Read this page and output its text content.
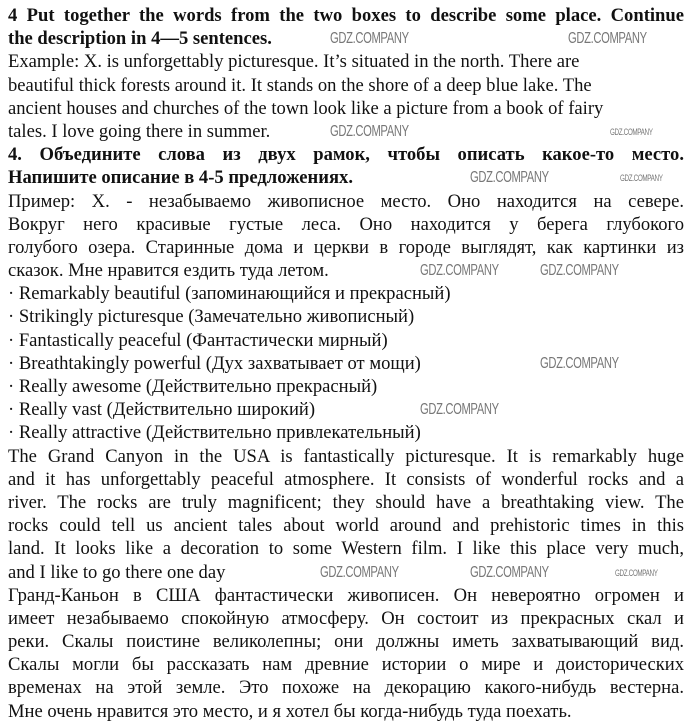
4 Put together the words from the two boxes to describe some place. Continue
the description in 4—5 sentences.
Example: X. is unforgettably picturesque. It’s situated in the north. There are
beautiful thick forests around it. It stands on the shore of a deep blue lake. The
ancient houses and churches of the town look like a picture from a book of fairy
tales. I love going there in summer.
4. Объедините слова из двух рамок, чтобы описать какое-то место.
Напишите описание в 4-5 предложениях.
Пример: X. - незабываемо живописное место. Оно находится на севере.
Вокруг него красивые густые леса. Оно находится у берега глубокого
голубого озера. Старинные дома и церкви в городе выглядят, как картинки из
сказок. Мне нравится ездить туда летом.
· Remarkably beautiful (запоминающийся и прекрасный)
· Strikingly picturesque (Замечательно живописный)
· Fantastically peaceful (Фантастически мирный)
· Breathtakingly powerful (Дух захватывает от мощи)
· Really awesome (Действительно прекрасный)
· Really vast (Действительно широкий)
· Really attractive (Действительно привлекательный)
The Grand Canyon in the USA is fantastically picturesque. It is remarkably huge
and it has unforgettably peaceful atmosphere. It consists of wonderful rocks and a
river. The rocks are truly magnificent; they should have a breathtaking view. The
rocks could tell us ancient tales about world around and prehistoric times in this
land. It looks like a decoration to some Western film. I like this place very much,
and I like to go there one day
Гранд-Каньон в США фантастически живописен. Он невероятно огромен и
имеет незабываемо спокойную атмосферу. Он состоит из прекрасных скал и
реки. Скалы поистине великолепны; они должны иметь захватывающий вид.
Скалы могли бы рассказать нам древние истории о мире и доисторических
временах на этой земле. Это похоже на декорацию какого-нибудь вестерна.
Мне очень нравится это место, и я хотел бы когда-нибудь туда поехать.
GDZ.COMPANY	GDZ.COMPANY
GDZ.COMPANY	GDZ.COMPANY
GDZ.COMPANY	GDZ.COMPANY
GDZ.COMPANY	GDZ.COMPANY
GDZ.COMPANY
GDZ.COMPANY
GDZ.COMPANY	GDZ.COMPANY	GDZ.COMPANY
